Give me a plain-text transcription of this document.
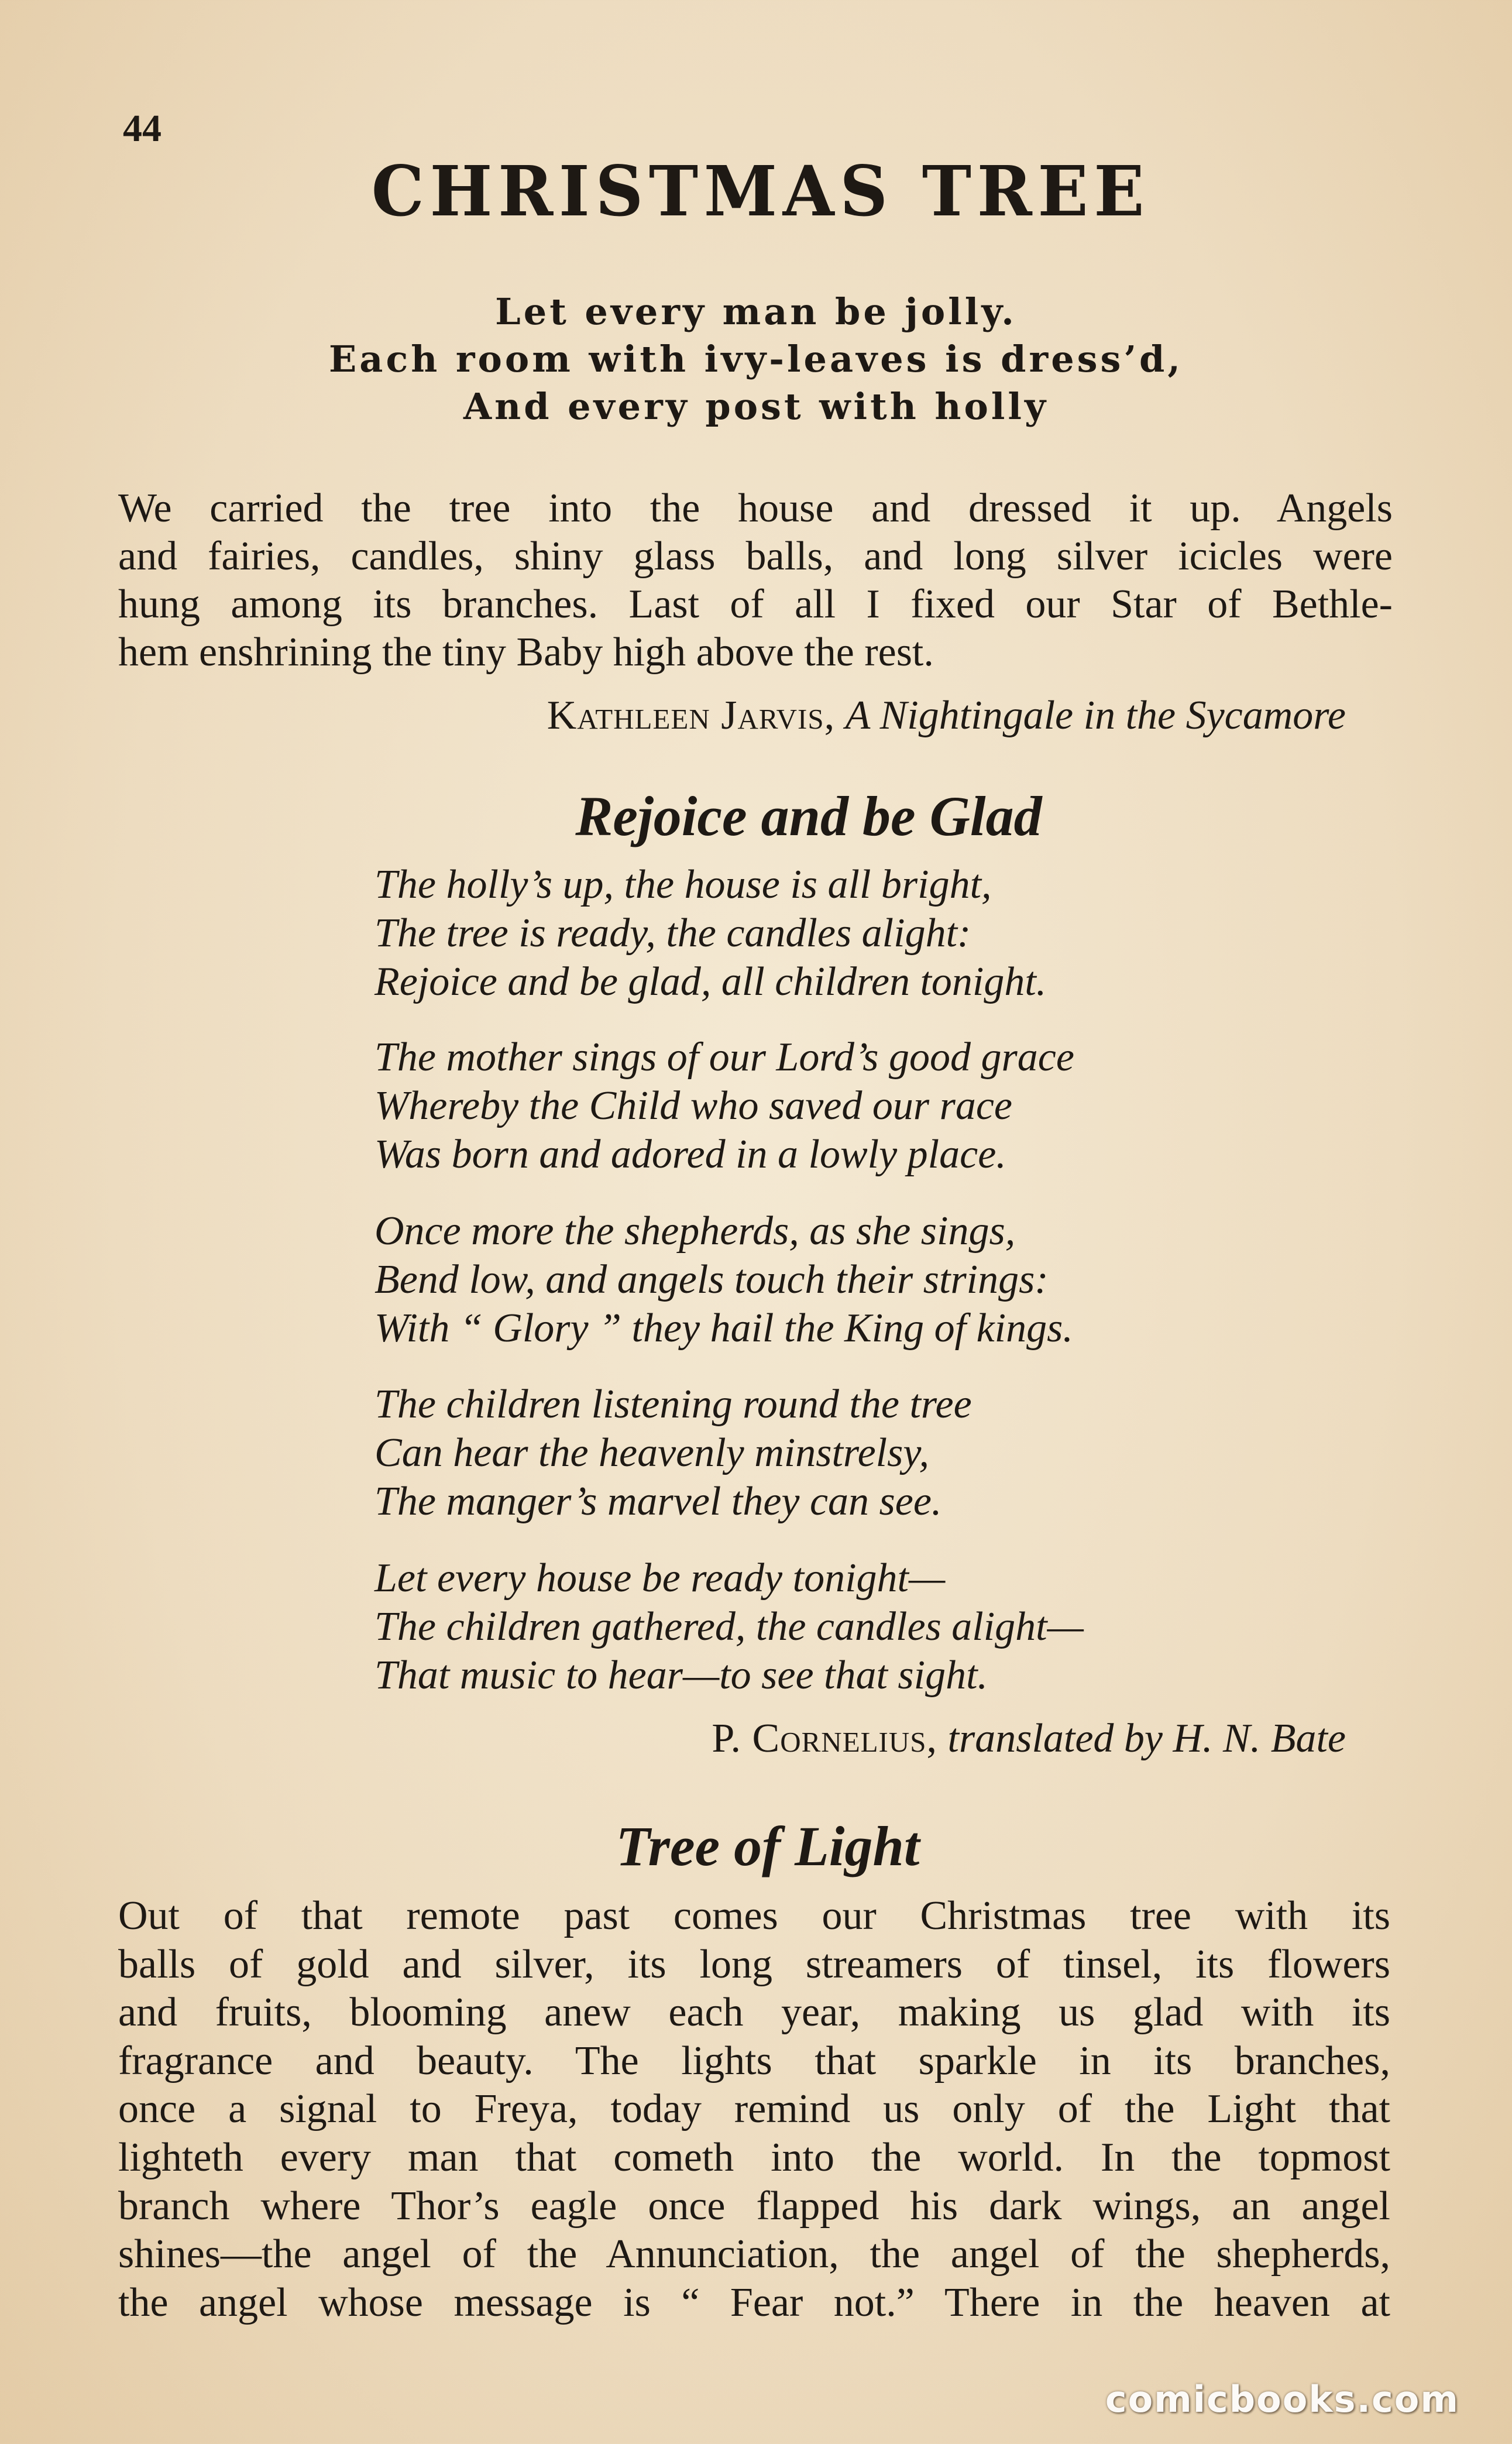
44
CHRISTMAS TREE
Let every man be jolly.
Each room with ivy-leaves is dress’d,
And every post with holly
We carried the tree into the house and dressed it up. Angels
and fairies, candles, shiny glass balls, and long silver icicles were
hung among its branches. Last of all I fixed our Star of Bethle-
hem enshrining the tiny Baby high above the rest.
Kathleen Jarvis, A Nightingale in the Sycamore
Rejoice and be Glad
The holly’s up, the house is all bright,
The tree is ready, the candles alight:
Rejoice and be glad, all children tonight.
The mother sings of our Lord’s good grace
Whereby the Child who saved our race
Was born and adored in a lowly place.
Once more the shepherds, as she sings,
Bend low, and angels touch their strings:
With “ Glory ” they hail the King of kings.
The children listening round the tree
Can hear the heavenly minstrelsy,
The manger’s marvel they can see.
Let every house be ready tonight—
The children gathered, the candles alight—
That music to hear—to see that sight.
P. Cornelius, translated by H. N. Bate
Tree of Light
Out of that remote past comes our Christmas tree with its
balls of gold and silver, its long streamers of tinsel, its flowers
and fruits, blooming anew each year, making us glad with its
fragrance and beauty. The lights that sparkle in its branches,
once a signal to Freya, today remind us only of the Light that
lighteth every man that cometh into the world. In the topmost
branch where Thor’s eagle once flapped his dark wings, an angel
shines—the angel of the Annunciation, the angel of the shepherds,
the angel whose message is “ Fear not.” There in the heaven at
comicbooks.com
